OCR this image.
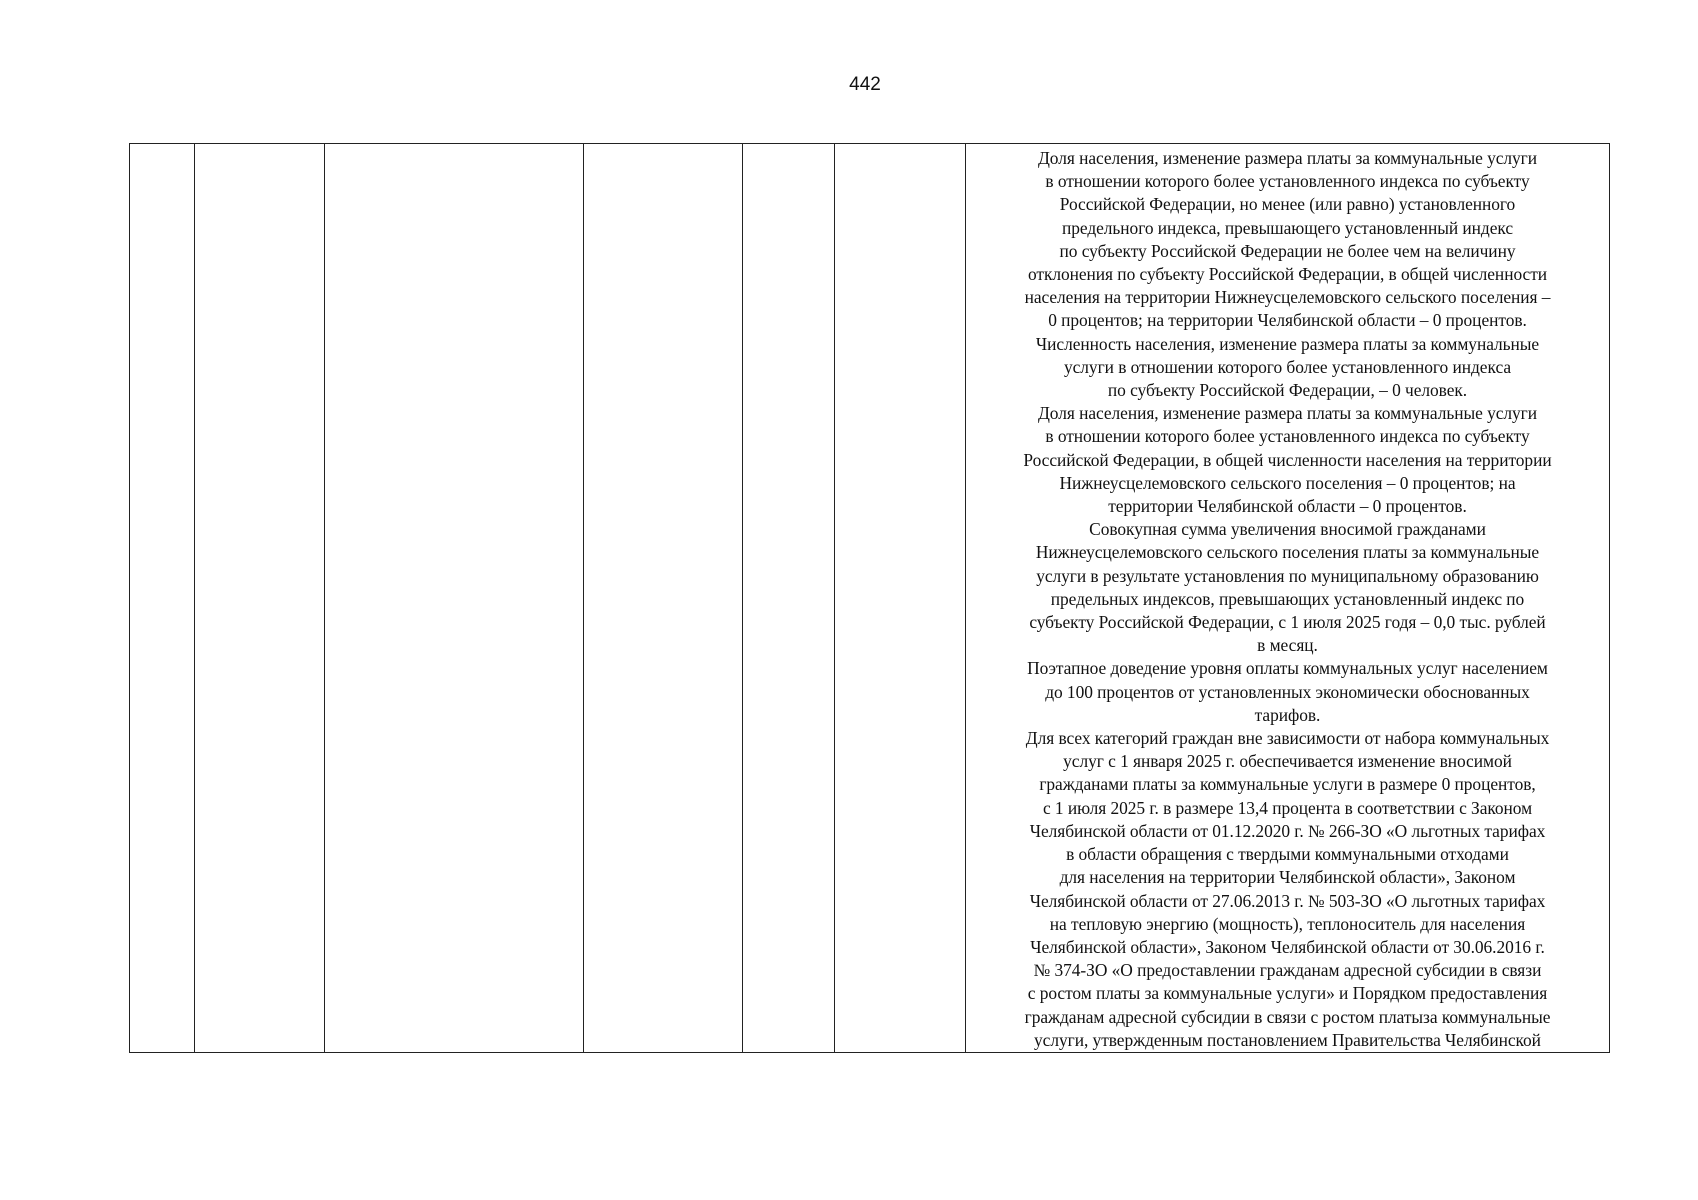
442

Доля населения, изменение размера платы за коммунальные услуги
в отношении которого более установленного индекса по субъекту
Российской Федерации, но менее (или равно) установленного
предельного индекса, превышающего установленный индекс
по субъекту Российской Федерации не более чем на величину
отклонения по субъекту Российской Федерации, в общей численности
населения на территории Нижнеусцелемовского сельского поселения –
0 процентов; на территории Челябинской области – 0 процентов.
Численность населения, изменение размера платы за коммунальные
услуги в отношении которого более установленного индекса
по субъекту Российской Федерации, – 0 человек.
Доля населения, изменение размера платы за коммунальные услуги
в отношении которого более установленного индекса по субъекту
Российской Федерации, в общей численности населения на территории
Нижнеусцелемовского сельского поселения – 0 процентов; на
территории Челябинской области – 0 процентов.
Совокупная сумма увеличения вносимой гражданами
Нижнеусцелемовского сельского поселения платы за коммунальные
услуги в результате установления по муниципальному образованию
предельных индексов, превышающих установленный индекс по
субъекту Российской Федерации, с 1 июля 2025 годя – 0,0 тыс. рублей
в месяц.
Поэтапное доведение уровня оплаты коммунальных услуг населением
до 100 процентов от установленных экономически обоснованных
тарифов.
Для всех категорий граждан вне зависимости от набора коммунальных
услуг с 1 января 2025 г. обеспечивается изменение вносимой
гражданами платы за коммунальные услуги в размере 0 процентов,
с 1 июля 2025 г. в размере 13,4 процента в соответствии с Законом
Челябинской области от 01.12.2020 г. № 266-ЗО «О льготных тарифах
в области обращения с твердыми коммунальными отходами
для населения на территории Челябинской области», Законом
Челябинской области от 27.06.2013 г. № 503-ЗО «О льготных тарифах
на тепловую энергию (мощность), теплоноситель для населения
Челябинской области», Законом Челябинской области от 30.06.2016 г.
№ 374-ЗО «О предоставлении гражданам адресной субсидии в связи
с ростом платы за коммунальные услуги» и Порядком предоставления
гражданам адресной субсидии в связи с ростом платыза коммунальные
услуги, утвержденным постановлением Правительства Челябинской
